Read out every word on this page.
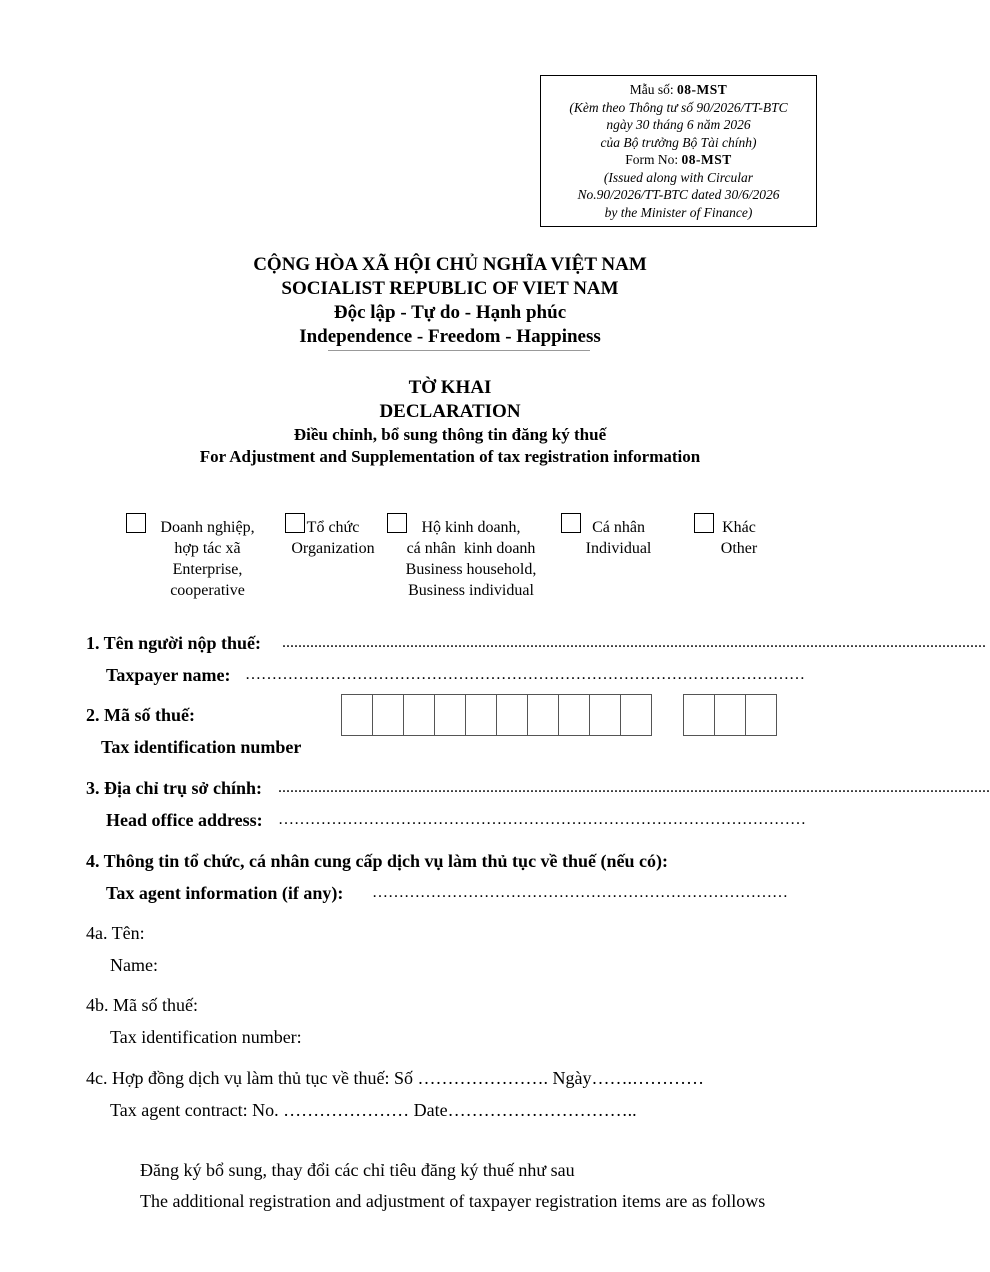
Mẫu số: 08-MST
(Kèm theo Thông tư số 90/2026/TT-BTC
ngày 30 tháng 6 năm 2026
của Bộ trưởng Bộ Tài chính)
Form No: 08-MST
(Issued along with Circular
No.90/2026/TT-BTC dated 30/6/2026
by the Minister of Finance)
CỘNG HÒA XÃ HỘI CHỦ NGHĨA VIỆT NAM
SOCIALIST REPUBLIC OF VIET NAM
Độc lập - Tự do - Hạnh phúc
Independence - Freedom - Happiness
TỜ KHAI
DECLARATION
Điều chỉnh, bổ sung thông tin đăng ký thuế
For Adjustment and Supplementation of tax registration information
Doanh nghiệp,
hợp tác xã
Enterprise,
cooperative
Tổ chức
Organization
Hộ kinh doanh,
cá nhân  kinh doanh
Business household,
Business individual
Cá nhân
Individual
Khác
Other
1. Tên người nộp thuế: ................................................................................................................................................................................
Taxpayer name: ……………………………………………………………………………………………
2. Mã số thuế:
Tax identification number
3. Địa chỉ trụ sở chính: ..................................................................................................................................................................................
Head office address: ………………………………………………………………………………………
4. Thông tin tổ chức, cá nhân cung cấp dịch vụ làm thủ tục về thuế (nếu có):
Tax agent information (if any): ……………………………………………………………………
4a. Tên:
Name:
4b. Mã số thuế:
Tax identification number:
4c. Hợp đồng dịch vụ làm thủ tục về thuế: Số …………………. Ngày…….…………
Tax agent contract: No. ………………… Date…………………………..
Đăng ký bổ sung, thay đổi các chỉ tiêu đăng ký thuế như sau
The additional registration and adjustment of taxpayer registration items are as follows
